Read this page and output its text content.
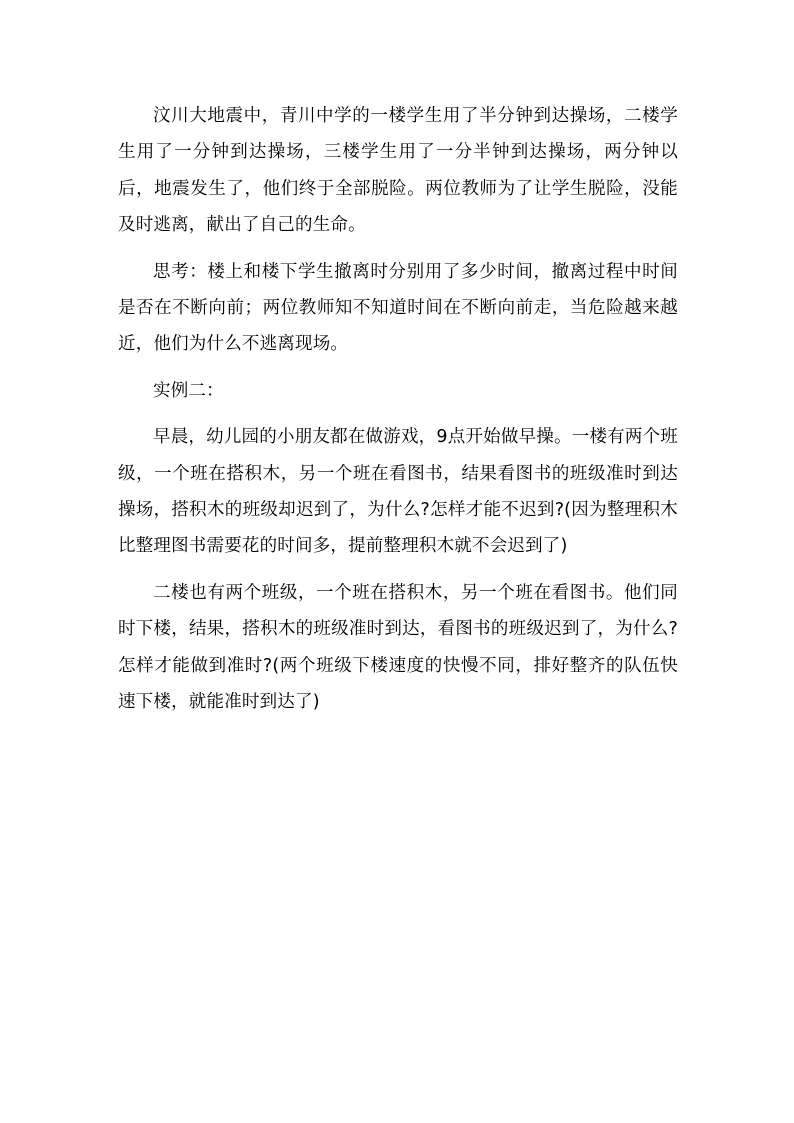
汶川大地震中，青川中学的一楼学生用了半分钟到达操场，二楼学生用了一分钟到达操场，三楼学生用了一分半钟到达操场，两分钟以后，地震发生了，他们终于全部脱险。两位教师为了让学生脱险，没能及时逃离，献出了自己的生命。

思考：楼上和楼下学生撤离时分别用了多少时间，撤离过程中时间是否在不断向前；两位教师知不知道时间在不断向前走，当危险越来越近，他们为什么不逃离现场。

实例二：

早晨，幼儿园的小朋友都在做游戏，9点开始做早操。一楼有两个班级，一个班在搭积木，另一个班在看图书，结果看图书的班级准时到达操场，搭积木的班级却迟到了，为什么?怎样才能不迟到?(因为整理积木比整理图书需要花的时间多，提前整理积木就不会迟到了)

二楼也有两个班级，一个班在搭积木，另一个班在看图书。他们同时下楼，结果，搭积木的班级准时到达，看图书的班级迟到了，为什么?怎样才能做到准时?(两个班级下楼速度的快慢不同，排好整齐的队伍快速下楼，就能准时到达了)
